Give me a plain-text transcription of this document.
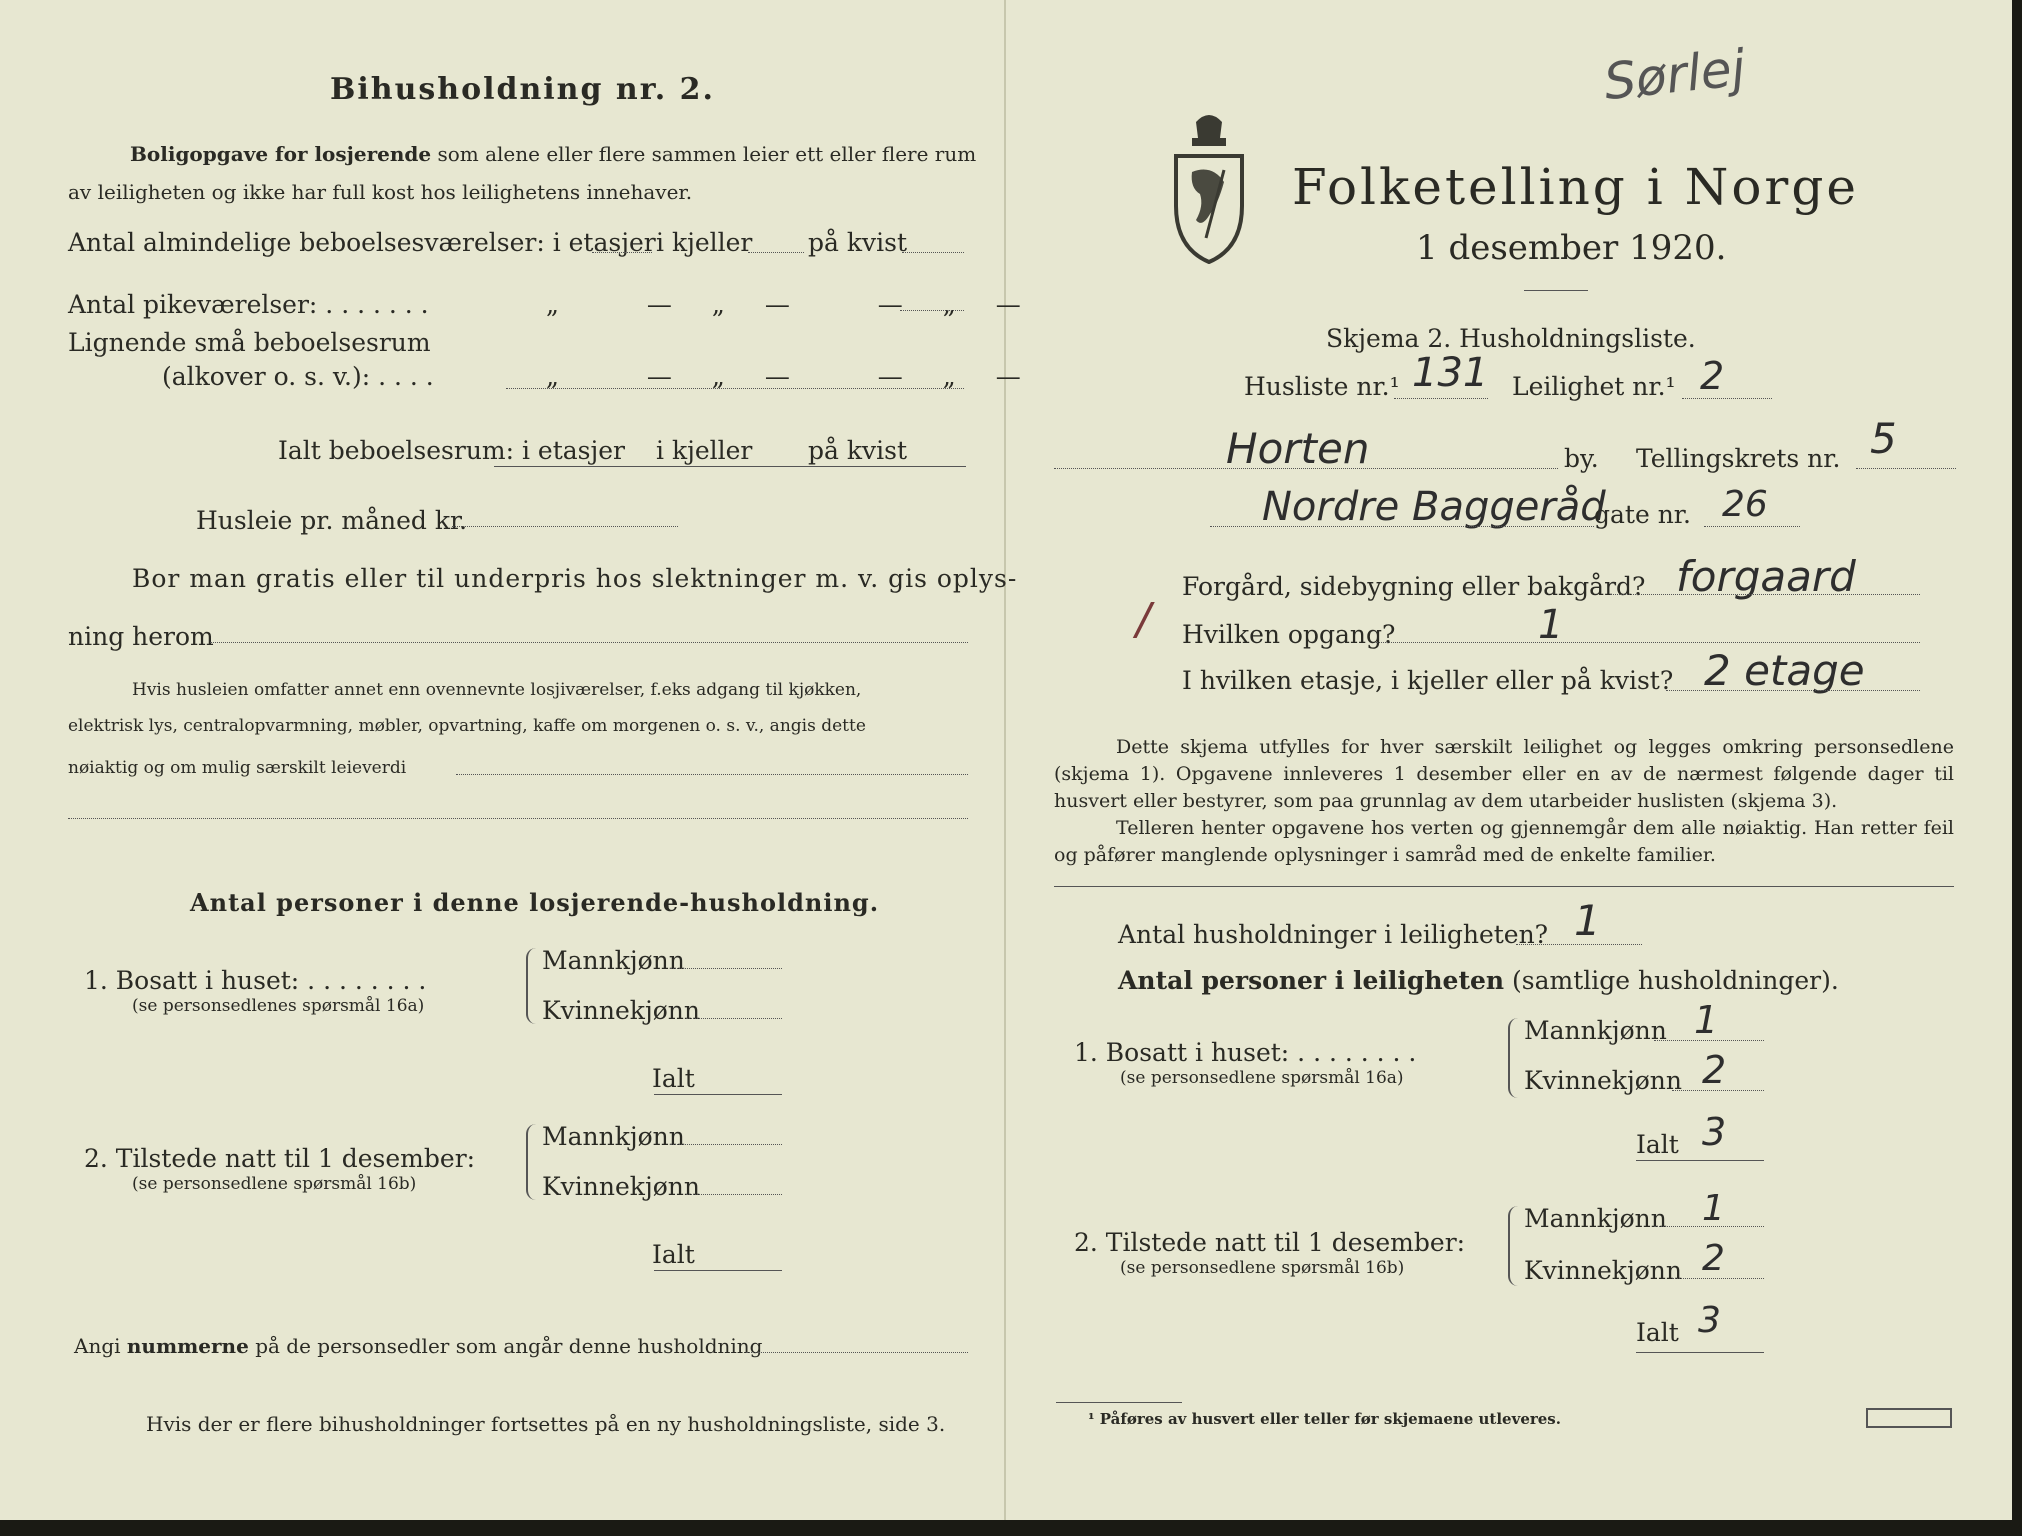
Bihusholdning nr. 2.
Boligopgave for losjerende som alene eller flere sammen leier ett eller flere rum
av leiligheten og ikke har full kost hos leilighetens innehaver.
Antal almindelige beboelsesværelser: i etasjer i kjeller på kvist
Antal pikeværelser: . . . . . . .	„ —„— —„—
Lignende små beboelsesrum
(alkover o. s. v.): . . . .	„ —„— —„—
Ialt beboelsesrum: i etasjer i kjeller på kvist
Husleie pr. måned kr.
Bor man gratis eller til underpris hos slektninger m. v. gis oplys-
ning herom
Hvis husleien omfatter annet enn ovennevnte losjiværelser, f.eks adgang til kjøkken,
elektrisk lys, centralopvarmning, møbler, opvartning, kaffe om morgenen o. s. v., angis dette
nøiaktig og om mulig særskilt leieverdi
Antal personer i denne losjerende-husholdning.
1. Bosatt i huset: . . . . . . . .
(se personsedlenes spørsmål 16a)
Mannkjønn
Kvinnekjønn
Ialt
2. Tilstede natt til 1 desember:
(se personsedlene spørsmål 16b)
Mannkjønn
Kvinnekjønn
Ialt
Angi nummerne på de personsedler som angår denne husholdning
Hvis der er flere bihusholdninger fortsettes på en ny husholdningsliste, side 3.
Sørlej
Folketelling i Norge
1 desember 1920.
Skjema 2. Husholdningsliste.
Husliste nr.¹ 131 Leilighet nr.¹ 2
Horten	by. Tellingskrets nr. 5
Nordre Baggeråd
gate nr. 26
/
Forgård, sidebygning eller bakgård? forgaard
Hvilken opgang?	1
I hvilken etasje, i kjeller eller på kvist? 2 etage
Dette skjema utfylles for hver særskilt leilighet og legges omkring personsedlene (skjema 1). Opgavene innleveres 1 desember eller en av de nærmest følgende dager til husvert eller bestyrer, som paa grunnlag av dem utarbeider huslisten (skjema 3).
Telleren henter opgavene hos verten og gjennemgår dem alle nøiaktig. Han retter feil og påfører manglende oplysninger i samråd med de enkelte familier.
Antal husholdninger i leiligheten? 1
Antal personer i leiligheten (samtlige husholdninger).
1. Bosatt i huset: . . . . . . . .
(se personsedlene spørsmål 16a)
Mannkjønn 1
Kvinnekjønn 2
Ialt 3
2. Tilstede natt til 1 desember:
(se personsedlene spørsmål 16b)
Mannkjønn 1
Kvinnekjønn 2
Ialt 3
¹ Påføres av husvert eller teller før skjemaene utleveres.
